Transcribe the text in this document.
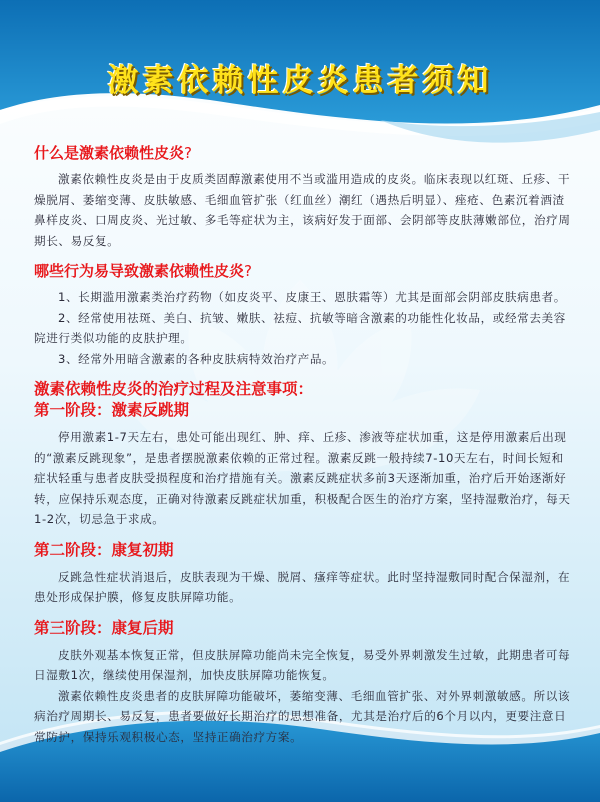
激素依赖性皮炎患者须知
什么是激素依赖性皮炎?

激素依赖性皮炎是由于皮质类固醇激素使用不当或滥用造成的皮炎。临床表现以红斑、丘疹、干燥脱屑、萎缩变薄、皮肤敏感、毛细血管扩张（红血丝）潮红（遇热后明显）、痤疮、色素沉着酒渣鼻样皮炎、口周皮炎、光过敏、多毛等症状为主，该病好发于面部、会阴部等皮肤薄嫩部位，治疗周期长、易反复。

哪些行为易导致激素依赖性皮炎?

1、长期滥用激素类治疗药物（如皮炎平、皮康王、恩肤霜等）尤其是面部会阴部皮肤病患者。

2、经常使用祛斑、美白、抗皱、嫩肤、祛痘、抗敏等暗含激素的功能性化妆品，或经常去美容院进行类似功能的皮肤护理。

3、经常外用暗含激素的各种皮肤病特效治疗产品。

激素依赖性皮炎的治疗过程及注意事项：
第一阶段：激素反跳期

停用激素1-7天左右，患处可能出现红、肿、痒、丘疹、渗液等症状加重，这是停用激素后出现的“激素反跳现象”，是患者摆脱激素依赖的正常过程。激素反跳一般持续7-10天左右，时间长短和症状轻重与患者皮肤受损程度和治疗措施有关。激素反跳症状多前3天逐渐加重，治疗后开始逐渐好转，应保持乐观态度，正确对待激素反跳症状加重，积极配合医生的治疗方案，坚持湿敷治疗，每天1-2次，切忌急于求成。

第二阶段：康复初期

反跳急性症状消退后，皮肤表现为干燥、脱屑、瘙痒等症状。此时坚持湿敷同时配合保湿剂，在患处形成保护膜，修复皮肤屏障功能。

第三阶段：康复后期

皮肤外观基本恢复正常，但皮肤屏障功能尚未完全恢复，易受外界刺激发生过敏，此期患者可每日湿敷1次，继续使用保湿剂，加快皮肤屏障功能恢复。

激素依赖性皮炎患者的皮肤屏障功能破坏，萎缩变薄、毛细血管扩张、对外界刺激敏感。所以该病治疗周期长、易反复，患者要做好长期治疗的思想准备，尤其是治疗后的6个月以内，更要注意日常防护，保持乐观积极心态，坚持正确治疗方案。
